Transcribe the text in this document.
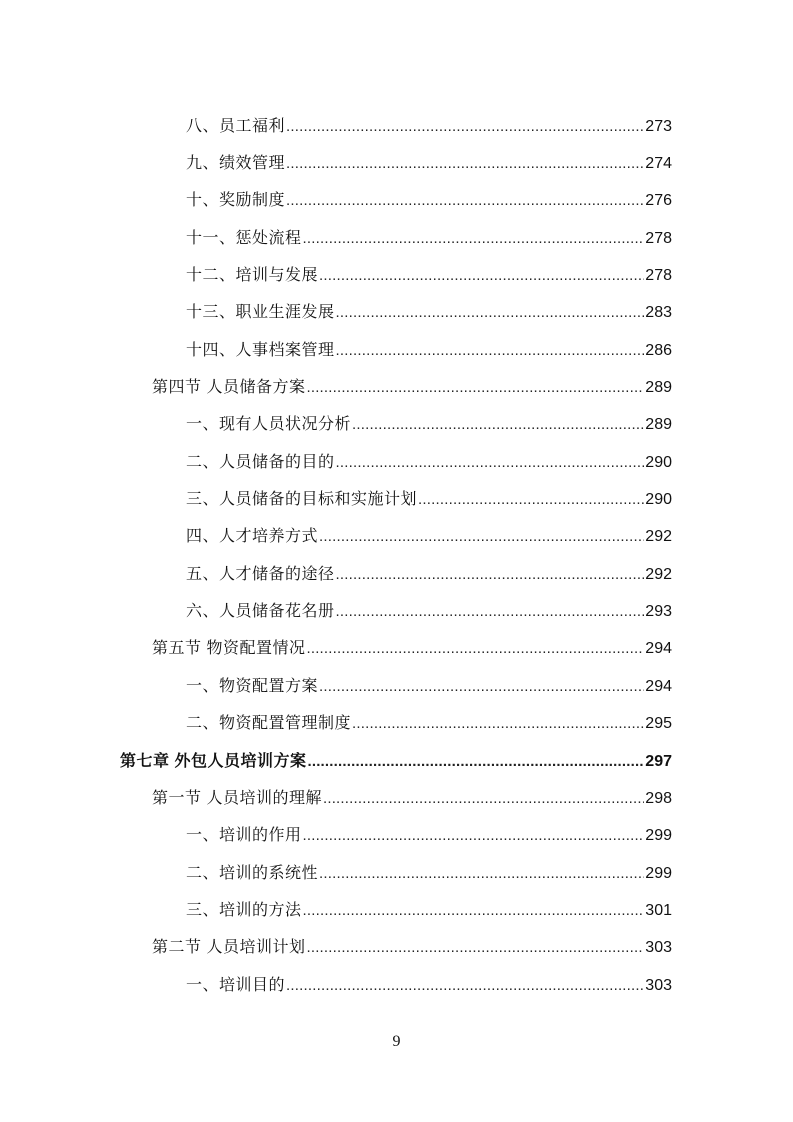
八、员工福利 .....	273
九、绩效管理 .....	274
十、奖励制度 .....	276
十一、惩处流程 .....	278
十二、培训与发展 .....	278
十三、职业生涯发展 .....	283
十四、人事档案管理 .....	286
第四节 人员储备方案 .....	289
一、现有人员状况分析 .....	289
二、人员储备的目的 .....	290
三、人员储备的目标和实施计划 .....	290
四、人才培养方式 .....	292
五、人才储备的途径 .....	292
六、人员储备花名册 .....	293
第五节 物资配置情况 .....	294
一、物资配置方案 .....	294
二、物资配置管理制度 .....	295
第七章 外包人员培训方案 .....	297
第一节 人员培训的理解 .....	298
一、培训的作用 .....	299
二、培训的系统性 .....	299
三、培训的方法 .....	301
第二节 人员培训计划 .....	303
一、培训目的 .....	303
9
